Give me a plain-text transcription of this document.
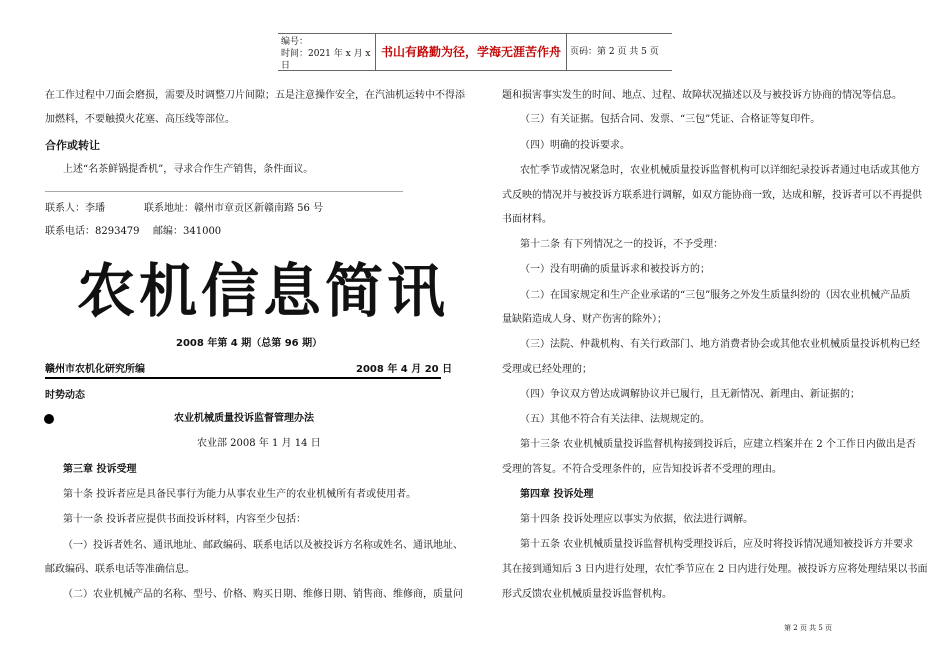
编号：
时间：2021 年 x 月 x 日
书山有路勤为径，学海无涯苦作舟	页码：第 2 页 共 5 页
在工作过程中刀面会磨损，需要及时调整刀片间隙；五是注意操作安全，在汽油机运转中不得添
加燃料，不要触摸火花塞、高压线等部位。
合作或转让
上述“名茶鲜锅提香机”，寻求合作生产销售，条件面议。
联系人：李璠	联系地址：赣州市章贡区新赣南路 56 号
联系电话：8293479 邮编：341000
农机信息简讯
2008 年第 4 期（总第 96 期）
赣州市农机化研究所编	2008 年 4 月 20 日
时势动态
农业机械质量投诉监督管理办法
农业部 2008 年 1 月 14 日
第三章 投诉受理
第十条 投诉者应是具备民事行为能力从事农业生产的农业机械所有者或使用者。
第十一条 投诉者应提供书面投诉材料，内容至少包括：
（一）投诉者姓名、通讯地址、邮政编码、联系电话以及被投诉方名称或姓名、通讯地址、
邮政编码、联系电话等准确信息。
（二）农业机械产品的名称、型号、价格、购买日期、维修日期、销售商、维修商，质量问
题和损害事实发生的时间、地点、过程、故障状况描述以及与被投诉方协商的情况等信息。
（三）有关证据。包括合同、发票、“三包”凭证、合格证等复印件。
（四）明确的投诉要求。
农忙季节或情况紧急时，农业机械质量投诉监督机构可以详细纪录投诉者通过电话或其他方
式反映的情况并与被投诉方联系进行调解，如双方能协商一致，达成和解，投诉者可以不再提供
书面材料。
第十二条 有下列情况之一的投诉，不予受理：
（一）没有明确的质量诉求和被投诉方的；
（二）在国家规定和生产企业承诺的“三包”服务之外发生质量纠纷的（因农业机械产品质
量缺陷造成人身、财产伤害的除外）；
（三）法院、仲裁机构、有关行政部门、地方消费者协会或其他农业机械质量投诉机构已经
受理或已经处理的；
（四）争议双方曾达成调解协议并已履行，且无新情况、新理由、新证据的；
（五）其他不符合有关法律、法规规定的。
第十三条 农业机械质量投诉监督机构接到投诉后，应建立档案并在 2 个工作日内做出是否
受理的答复。不符合受理条件的，应告知投诉者不受理的理由。
第四章 投诉处理
第十四条 投诉处理应以事实为依据，依法进行调解。
第十五条 农业机械质量投诉监督机构受理投诉后，应及时将投诉情况通知被投诉方并要求
其在接到通知后 3 日内进行处理，农忙季节应在 2 日内进行处理。被投诉方应将处理结果以书面
形式反馈农业机械质量投诉监督机构。
第 2 页 共 5 页
